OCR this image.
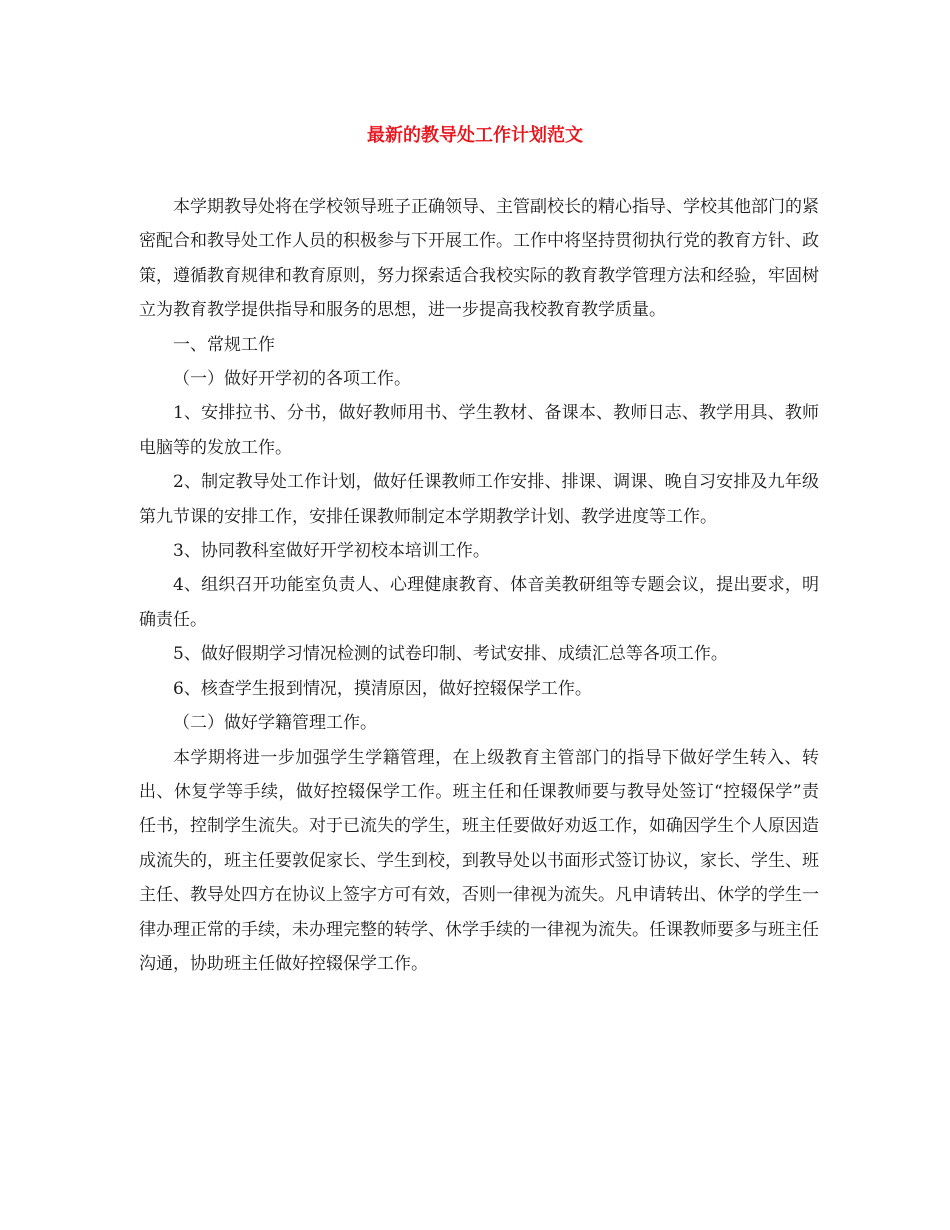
最新的教导处工作计划范文

本学期教导处将在学校领导班子正确领导、主管副校长的精心指导、学校其他部门的紧密配合和教导处工作人员的积极参与下开展工作。工作中将坚持贯彻执行党的教育方针、政策，遵循教育规律和教育原则，努力探索适合我校实际的教育教学管理方法和经验，牢固树立为教育教学提供指导和服务的思想，进一步提高我校教育教学质量。

一、常规工作

（一）做好开学初的各项工作。

1、安排拉书、分书，做好教师用书、学生教材、备课本、教师日志、教学用具、教师电脑等的发放工作。

2、制定教导处工作计划，做好任课教师工作安排、排课、调课、晚自习安排及九年级第九节课的安排工作，安排任课教师制定本学期教学计划、教学进度等工作。

3、协同教科室做好开学初校本培训工作。

4、组织召开功能室负责人、心理健康教育、体音美教研组等专题会议，提出要求，明确责任。

5、做好假期学习情况检测的试卷印制、考试安排、成绩汇总等各项工作。

6、核查学生报到情况，摸清原因，做好控辍保学工作。

（二）做好学籍管理工作。

本学期将进一步加强学生学籍管理，在上级教育主管部门的指导下做好学生转入、转出、休复学等手续，做好控辍保学工作。班主任和任课教师要与教导处签订“控辍保学”责任书，控制学生流失。对于已流失的学生，班主任要做好劝返工作，如确因学生个人原因造成流失的，班主任要敦促家长、学生到校，到教导处以书面形式签订协议，家长、学生、班主任、教导处四方在协议上签字方可有效，否则一律视为流失。凡申请转出、休学的学生一律办理正常的手续，未办理完整的转学、休学手续的一律视为流失。任课教师要多与班主任沟通，协助班主任做好控辍保学工作。
